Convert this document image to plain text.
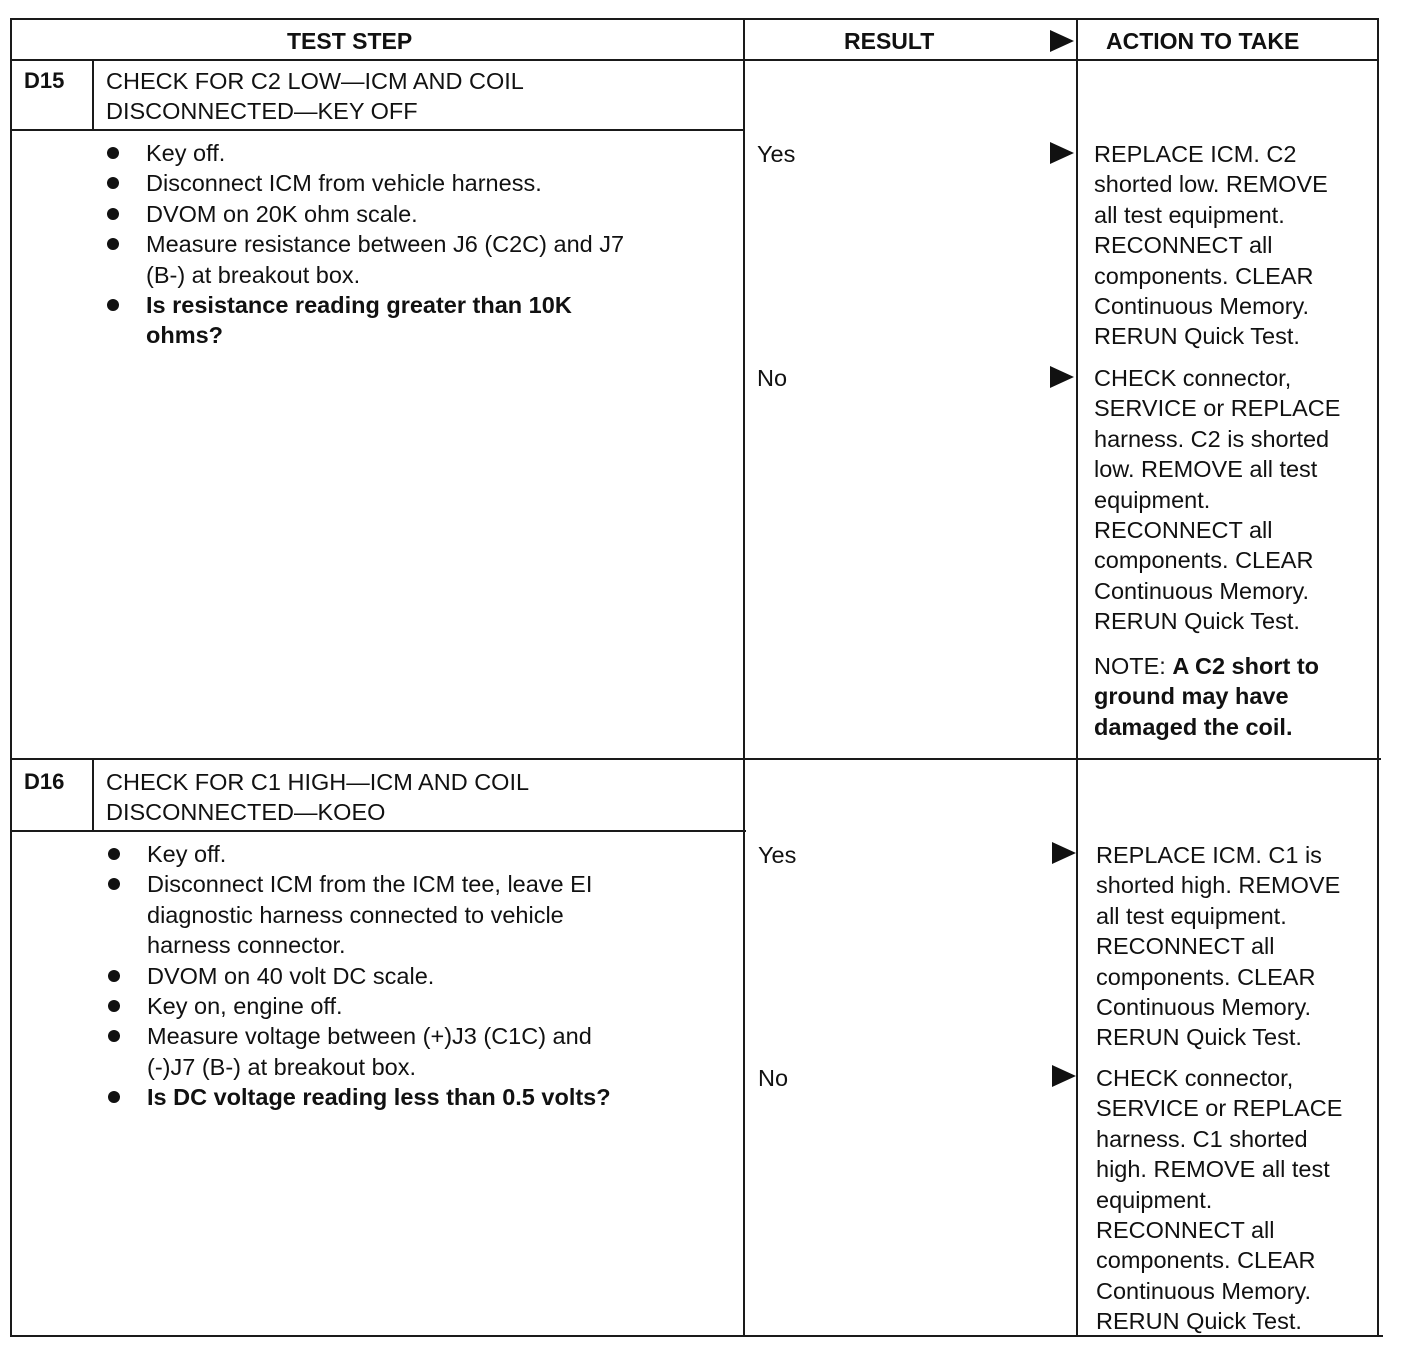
TEST STEP	RESULT	ACTION TO TAKE
D15 CHECK FOR C2 LOW—ICM AND COIL
DISCONNECTED—KEY OFF
Key off.
Disconnect ICM from vehicle harness.
DVOM on 20K ohm scale.
Measure resistance between J6 (C2C) and J7
(B-) at breakout box.
Is resistance reading greater than 10K
ohms?
Yes	REPLACE ICM. C2
shorted low. REMOVE
all test equipment.
RECONNECT all
components. CLEAR
Continuous Memory.
RERUN Quick Test.
No	CHECK connector,
SERVICE or REPLACE
harness. C2 is shorted
low. REMOVE all test
equipment.
RECONNECT all
components. CLEAR
Continuous Memory.
RERUN Quick Test.
NOTE: A C2 short to
ground may have
damaged the coil.
D16 CHECK FOR C1 HIGH—ICM AND COIL
DISCONNECTED—KOEO
Key off.
Disconnect ICM from the ICM tee, leave EI
diagnostic harness connected to vehicle
harness connector.
DVOM on 40 volt DC scale.
Key on, engine off.
Measure voltage between (+)J3 (C1C) and
(-)J7 (B-) at breakout box.
Is DC voltage reading less than 0.5 volts?
Yes	REPLACE ICM. C1 is
shorted high. REMOVE
all test equipment.
RECONNECT all
components. CLEAR
Continuous Memory.
RERUN Quick Test.
No	CHECK connector,
SERVICE or REPLACE
harness. C1 shorted
high. REMOVE all test
equipment.
RECONNECT all
components. CLEAR
Continuous Memory.
RERUN Quick Test.
